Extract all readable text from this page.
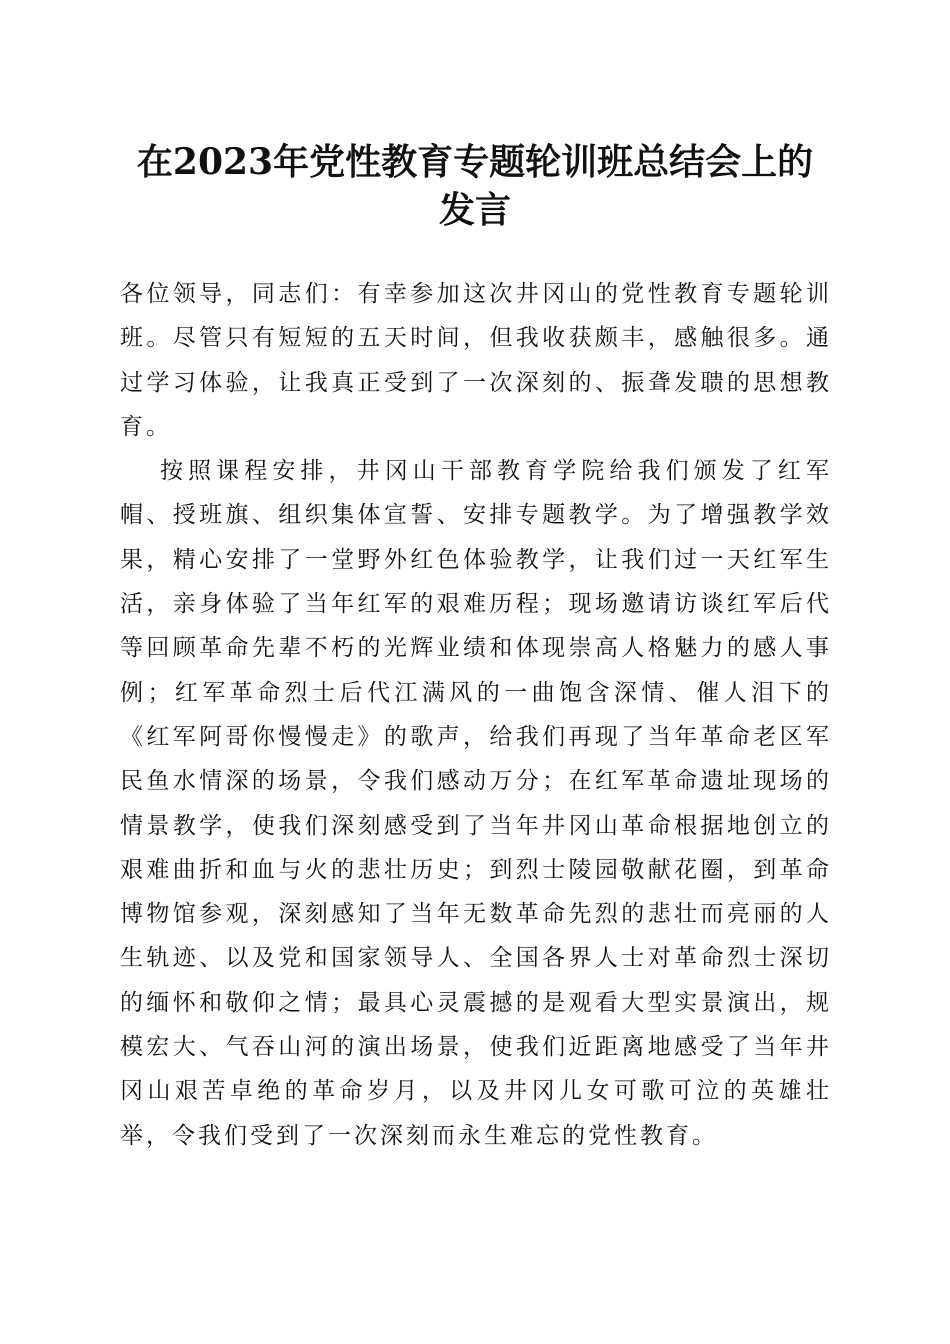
在2023年党性教育专题轮训班总结会上的发言

各位领导，同志们：有幸参加这次井冈山的党性教育专题轮训班。尽管只有短短的五天时间，但我收获颇丰，感触很多。通过学习体验，让我真正受到了一次深刻的、振聋发聩的思想教育。

按照课程安排，井冈山干部教育学院给我们颁发了红军帽、授班旗、组织集体宣誓、安排专题教学。为了增强教学效果，精心安排了一堂野外红色体验教学，让我们过一天红军生活，亲身体验了当年红军的艰难历程；现场邀请访谈红军后代等回顾革命先辈不朽的光辉业绩和体现崇高人格魅力的感人事例；红军革命烈士后代江满风的一曲饱含深情、催人泪下的《红军阿哥你慢慢走》的歌声，给我们再现了当年革命老区军民鱼水情深的场景，令我们感动万分；在红军革命遗址现场的情景教学，使我们深刻感受到了当年井冈山革命根据地创立的艰难曲折和血与火的悲壮历史；到烈士陵园敬献花圈，到革命博物馆参观，深刻感知了当年无数革命先烈的悲壮而亮丽的人生轨迹、以及党和国家领导人、全国各界人士对革命烈士深切的缅怀和敬仰之情；最具心灵震撼的是观看大型实景演出，规模宏大、气吞山河的演出场景，使我们近距离地感受了当年井冈山艰苦卓绝的革命岁月，以及井冈儿女可歌可泣的英雄壮举，令我们受到了一次深刻而永生难忘的党性教育。
